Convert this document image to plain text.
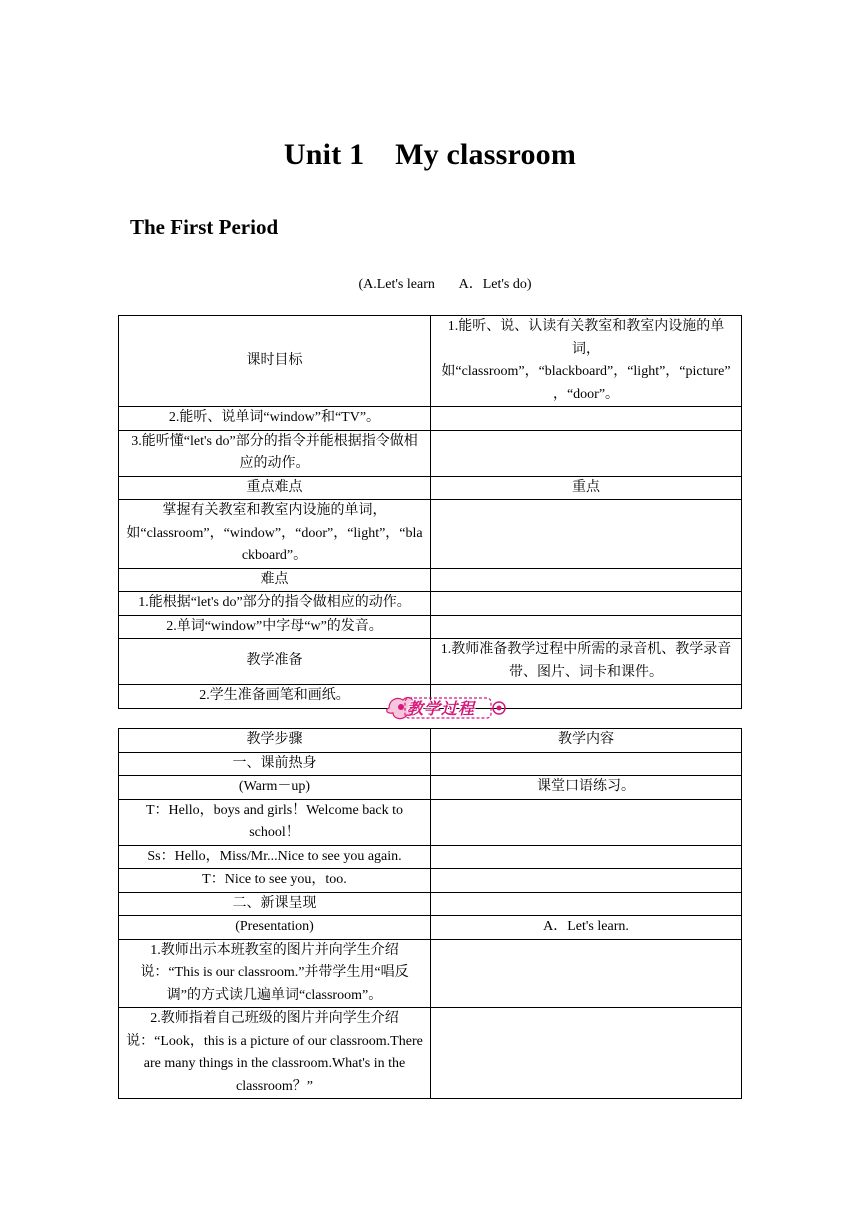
Unit 1    My classroom
The First Period
(A.Let's learn       A．Let's do)
课时目标	1.能听、说、认读有关教室和教室内设施的单词，如“classroom”，“blackboard”，“light”，“picture”，“door”。
2.能听、说单词“window”和“TV”。	
3.能听懂“let's do”部分的指令并能根据指令做相应的动作。	
重点难点	重点
掌握有关教室和教室内设施的单词，如“classroom”，“window”，“door”，“light”，“blackboard”。	
难点	
1.能根据“let's do”部分的指令做相应的动作。	
2.单词“window”中字母“w”的发音。	
教学准备	1.教师准备教学过程中所需的录音机、教学录音带、图片、词卡和课件。
2.学生准备画笔和画纸。	
教学过程
教学步骤	教学内容
一、课前热身	
(Warm－up)	课堂口语练习。
T：Hello，boys and girls！Welcome back to school！	
Ss：Hello，Miss/Mr...Nice to see you again.	
T：Nice to see you，too.	
二、新课呈现	
(Presentation)	A．Let's learn.
1.教师出示本班教室的图片并向学生介绍说：“This is our classroom.”并带学生用“唱反调”的方式读几遍单词“classroom”。	
2.教师指着自己班级的图片并向学生介绍说：“Look，this is a picture of our classroom.There are many things in the classroom.What's in the classroom？”	
